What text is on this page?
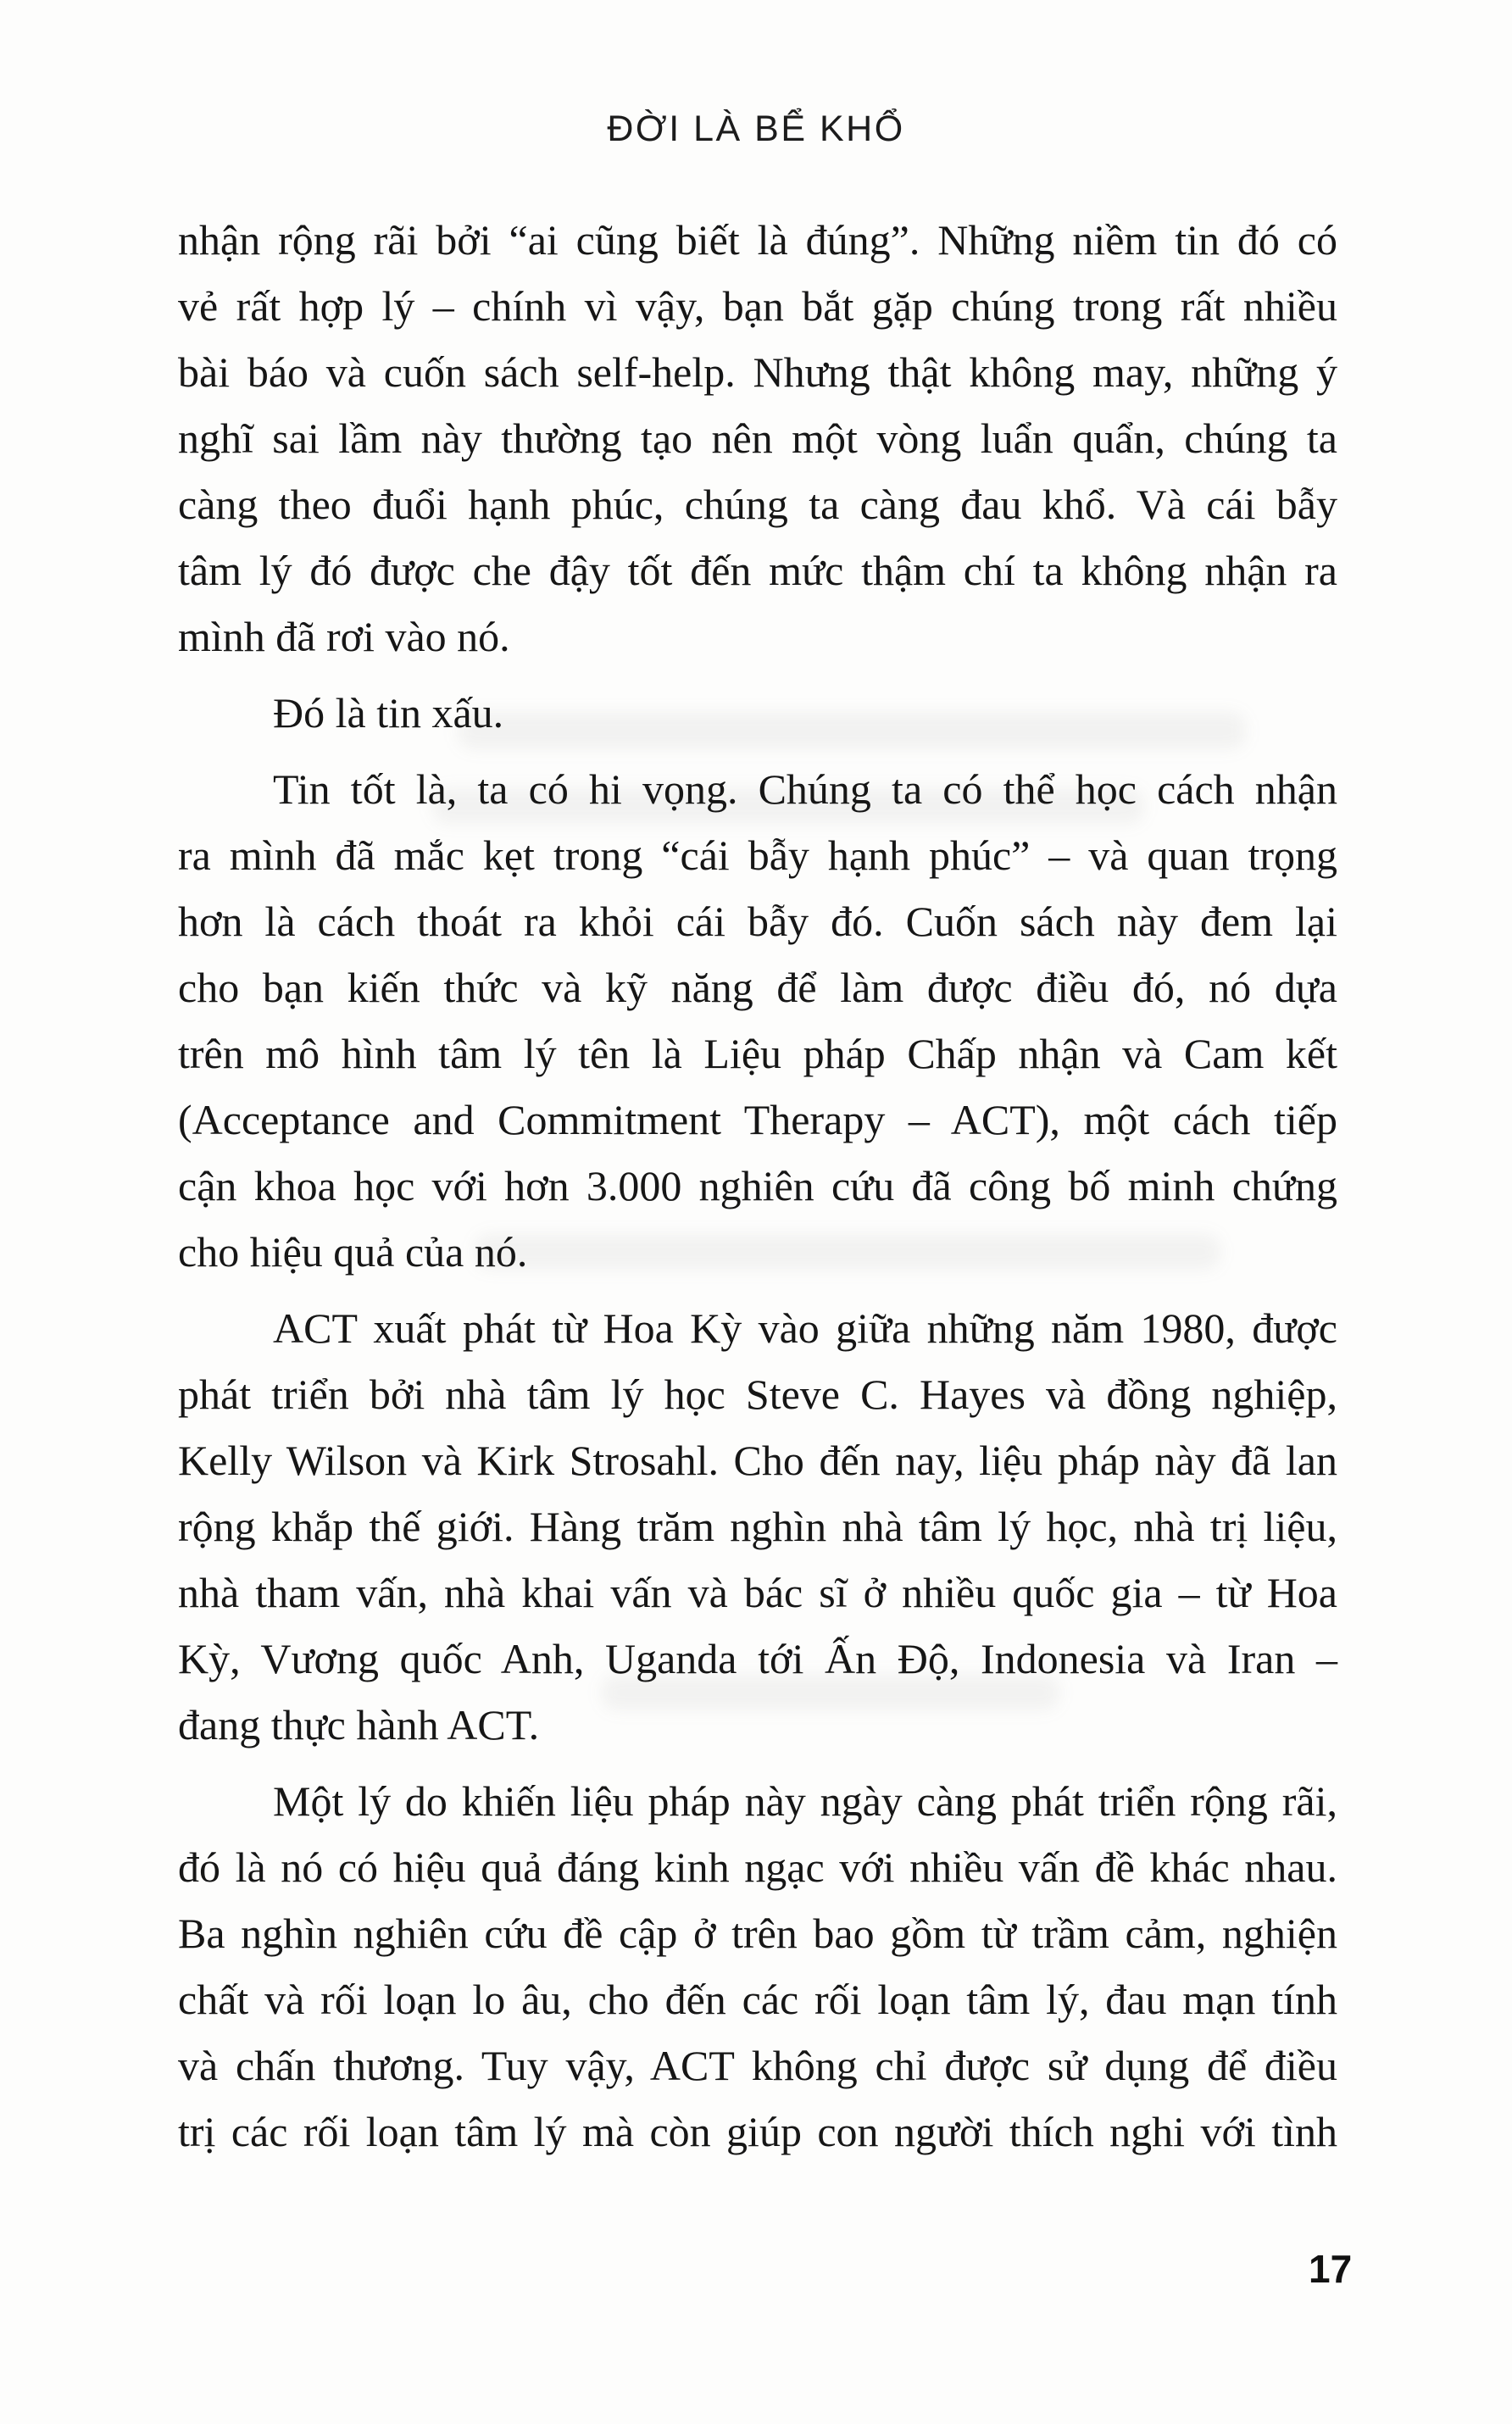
ĐỜI LÀ BỂ KHỔ
nhận rộng rãi bởi “ai cũng biết là đúng”. Những niềm tin đó có
vẻ rất hợp lý – chính vì vậy, bạn bắt gặp chúng trong rất nhiều
bài báo và cuốn sách self-help. Nhưng thật không may, những ý
nghĩ sai lầm này thường tạo nên một vòng luẩn quẩn, chúng ta
càng theo đuổi hạnh phúc, chúng ta càng đau khổ. Và cái bẫy
tâm lý đó được che đậy tốt đến mức thậm chí ta không nhận ra
mình đã rơi vào nó.
Đó là tin xấu.
Tin tốt là, ta có hi vọng. Chúng ta có thể học cách nhận
ra mình đã mắc kẹt trong “cái bẫy hạnh phúc” – và quan trọng
hơn là cách thoát ra khỏi cái bẫy đó. Cuốn sách này đem lại
cho bạn kiến thức và kỹ năng để làm được điều đó, nó dựa
trên mô hình tâm lý tên là Liệu pháp Chấp nhận và Cam kết
(Acceptance and Commitment Therapy – ACT), một cách tiếp
cận khoa học với hơn 3.000 nghiên cứu đã công bố minh chứng
cho hiệu quả của nó.
ACT xuất phát từ Hoa Kỳ vào giữa những năm 1980, được
phát triển bởi nhà tâm lý học Steve C. Hayes và đồng nghiệp,
Kelly Wilson và Kirk Strosahl. Cho đến nay, liệu pháp này đã lan
rộng khắp thế giới. Hàng trăm nghìn nhà tâm lý học, nhà trị liệu,
nhà tham vấn, nhà khai vấn và bác sĩ ở nhiều quốc gia – từ Hoa
Kỳ, Vương quốc Anh, Uganda tới Ấn Độ, Indonesia và Iran –
đang thực hành ACT.
Một lý do khiến liệu pháp này ngày càng phát triển rộng rãi,
đó là nó có hiệu quả đáng kinh ngạc với nhiều vấn đề khác nhau.
Ba nghìn nghiên cứu đề cập ở trên bao gồm từ trầm cảm, nghiện
chất và rối loạn lo âu, cho đến các rối loạn tâm lý, đau mạn tính
và chấn thương. Tuy vậy, ACT không chỉ được sử dụng để điều
trị các rối loạn tâm lý mà còn giúp con người thích nghi với tình
17
